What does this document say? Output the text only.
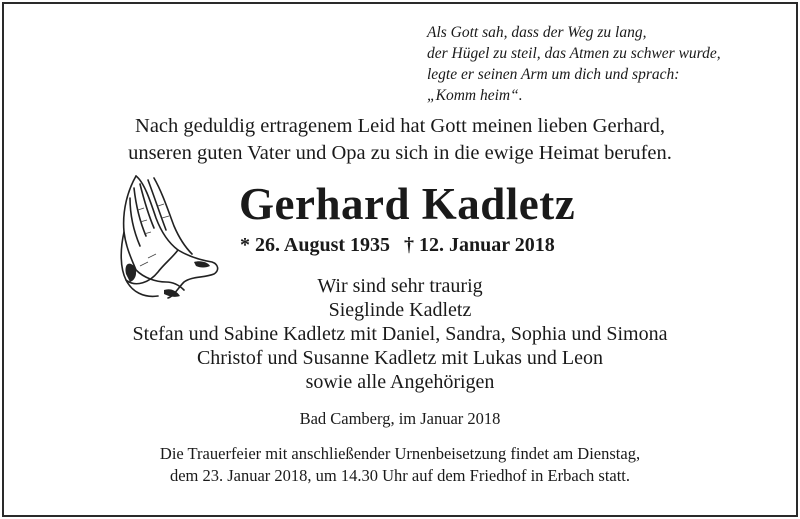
Als Gott sah, dass der Weg zu lang,
der Hügel zu steil, das Atmen zu schwer wurde,
legte er seinen Arm um dich und sprach:
„Komm heim“.
Nach geduldig ertragenem Leid hat Gott meinen lieben Gerhard,
unseren guten Vater und Opa zu sich in die ewige Heimat berufen.
Gerhard Kadletz
* 26. August 1935 † 12. Januar 2018
Wir sind sehr traurig
Sieglinde Kadletz
Stefan und Sabine Kadletz mit Daniel, Sandra, Sophia und Simona
Christof und Susanne Kadletz mit Lukas und Leon
sowie alle Angehörigen
Bad Camberg, im Januar 2018
Die Trauerfeier mit anschließender Urnenbeisetzung findet am Dienstag,
dem 23. Januar 2018, um 14.30 Uhr auf dem Friedhof in Erbach statt.
